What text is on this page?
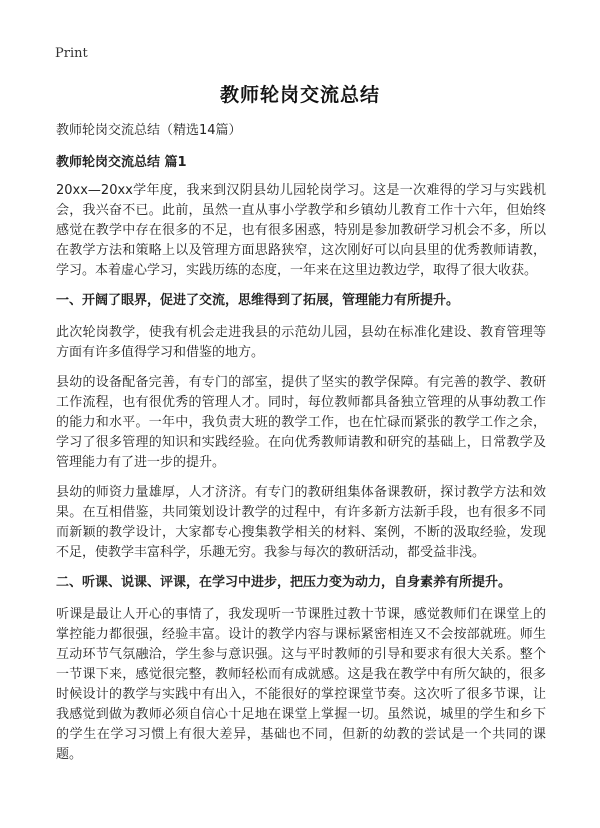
Print
教师轮岗交流总结

教师轮岗交流总结（精选14篇）

教师轮岗交流总结 篇1

20xx—20xx学年度，我来到汉阴县幼儿园轮岗学习。这是一次难得的学习与实践机会，我兴奋不已。此前，虽然一直从事小学教学和乡镇幼儿教育工作十六年，但始终感觉在教学中存在很多的不足，也有很多困惑，特别是参加教研学习机会不多，所以在教学方法和策略上以及管理方面思路狭窄，这次刚好可以向县里的优秀教师请教，学习。本着虚心学习，实践历练的态度，一年来在这里边教边学，取得了很大收获。

一、开阔了眼界，促进了交流，思维得到了拓展，管理能力有所提升。

此次轮岗教学，使我有机会走进我县的示范幼儿园，县幼在标准化建设、教育管理等方面有许多值得学习和借鉴的地方。

县幼的设备配备完善，有专门的部室，提供了坚实的教学保障。有完善的教学、教研工作流程，也有很优秀的管理人才。同时，每位教师都具备独立管理的从事幼教工作的能力和水平。一年中，我负责大班的教学工作，也在忙碌而紧张的教学工作之余，学习了很多管理的知识和实践经验。在向优秀教师请教和研究的基础上，日常教学及管理能力有了进一步的提升。

县幼的师资力量雄厚，人才济济。有专门的教研组集体备课教研，探讨教学方法和效果。在互相借鉴，共同策划设计教学的过程中，有许多新方法新手段，也有很多不同而新颖的教学设计，大家都专心搜集教学相关的材料、案例，不断的汲取经验，发现不足，使教学丰富科学，乐趣无穷。我参与每次的教研活动，都受益非浅。

二、听课、说课、评课，在学习中进步，把压力变为动力，自身素养有所提升。

听课是最让人开心的事情了，我发现听一节课胜过教十节课，感觉教师们在课堂上的掌控能力都很强，经验丰富。设计的教学内容与课标紧密相连又不会按部就班。师生互动环节气氛融洽，学生参与意识强。这与平时教师的引导和要求有很大关系。整个一节课下来，感觉很完整，教师轻松而有成就感。这是我在教学中有所欠缺的，很多时候设计的教学与实践中有出入，不能很好的掌控课堂节奏。这次听了很多节课，让我感觉到做为教师必须自信心十足地在课堂上掌握一切。虽然说，城里的学生和乡下的学生在学习习惯上有很大差异，基础也不同，但新的幼教的尝试是一个共同的课题。
